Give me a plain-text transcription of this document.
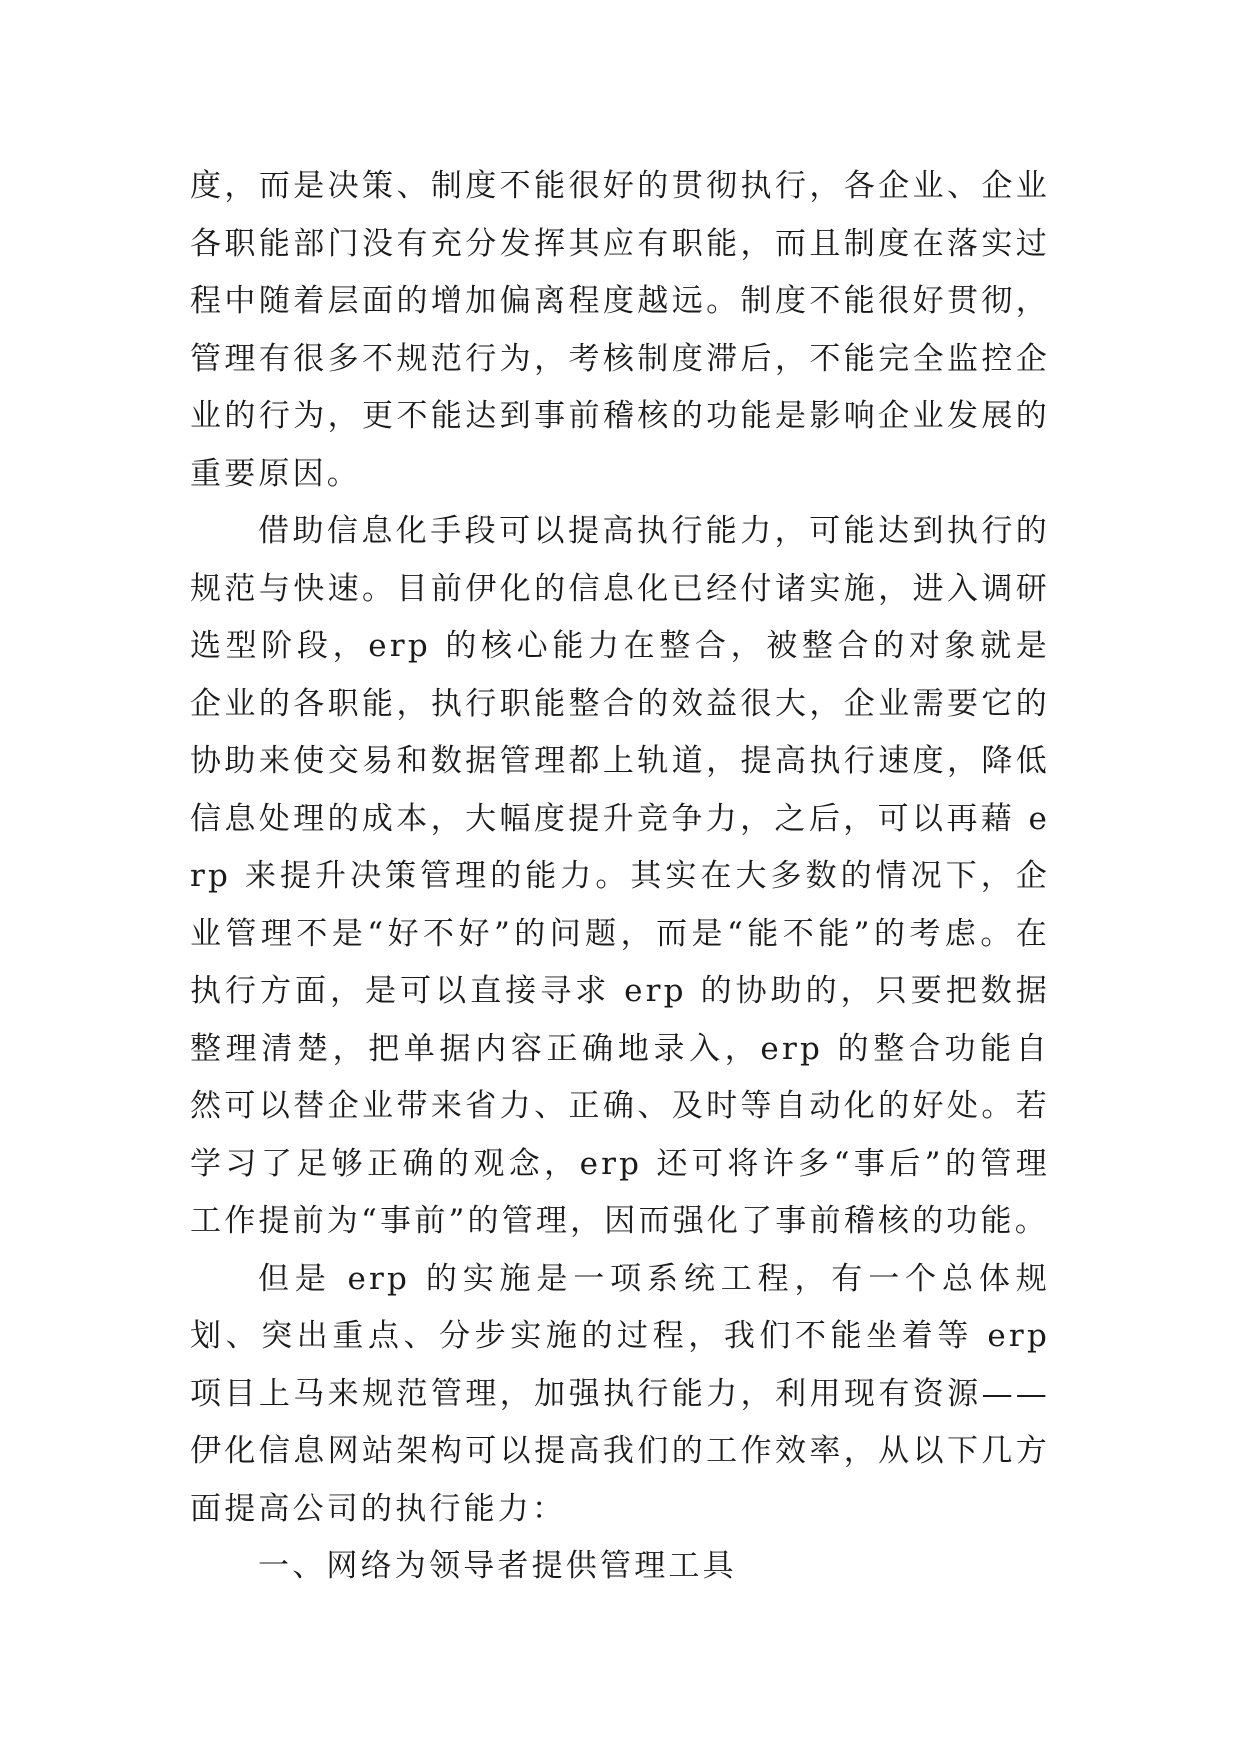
度，而是决策、制度不能很好的贯彻执行，各企业、企业各职能部门没有充分发挥其应有职能，而且制度在落实过程中随着层面的增加偏离程度越远。制度不能很好贯彻，管理有很多不规范行为，考核制度滞后，不能完全监控企业的行为，更不能达到事前稽核的功能是影响企业发展的重要原因。

借助信息化手段可以提高执行能力，可能达到执行的规范与快速。目前伊化的信息化已经付诸实施，进入调研选型阶段，erp 的核心能力在整合，被整合的对象就是企业的各职能，执行职能整合的效益很大，企业需要它的协助来使交易和数据管理都上轨道，提高执行速度，降低信息处理的成本，大幅度提升竞争力，之后，可以再藉 erp 来提升决策管理的能力。其实在大多数的情况下，企业管理不是“好不好”的问题，而是“能不能”的考虑。在执行方面，是可以直接寻求 erp 的协助的，只要把数据整理清楚，把单据内容正确地录入，erp 的整合功能自然可以替企业带来省力、正确、及时等自动化的好处。若学习了足够正确的观念，erp 还可将许多“事后”的管理工作提前为“事前”的管理，因而强化了事前稽核的功能。

但是 erp 的实施是一项系统工程，有一个总体规划、突出重点、分步实施的过程，我们不能坐着等 erp 项目上马来规范管理，加强执行能力，利用现有资源——伊化信息网站架构可以提高我们的工作效率，从以下几方面提高公司的执行能力：

一、网络为领导者提供管理工具
